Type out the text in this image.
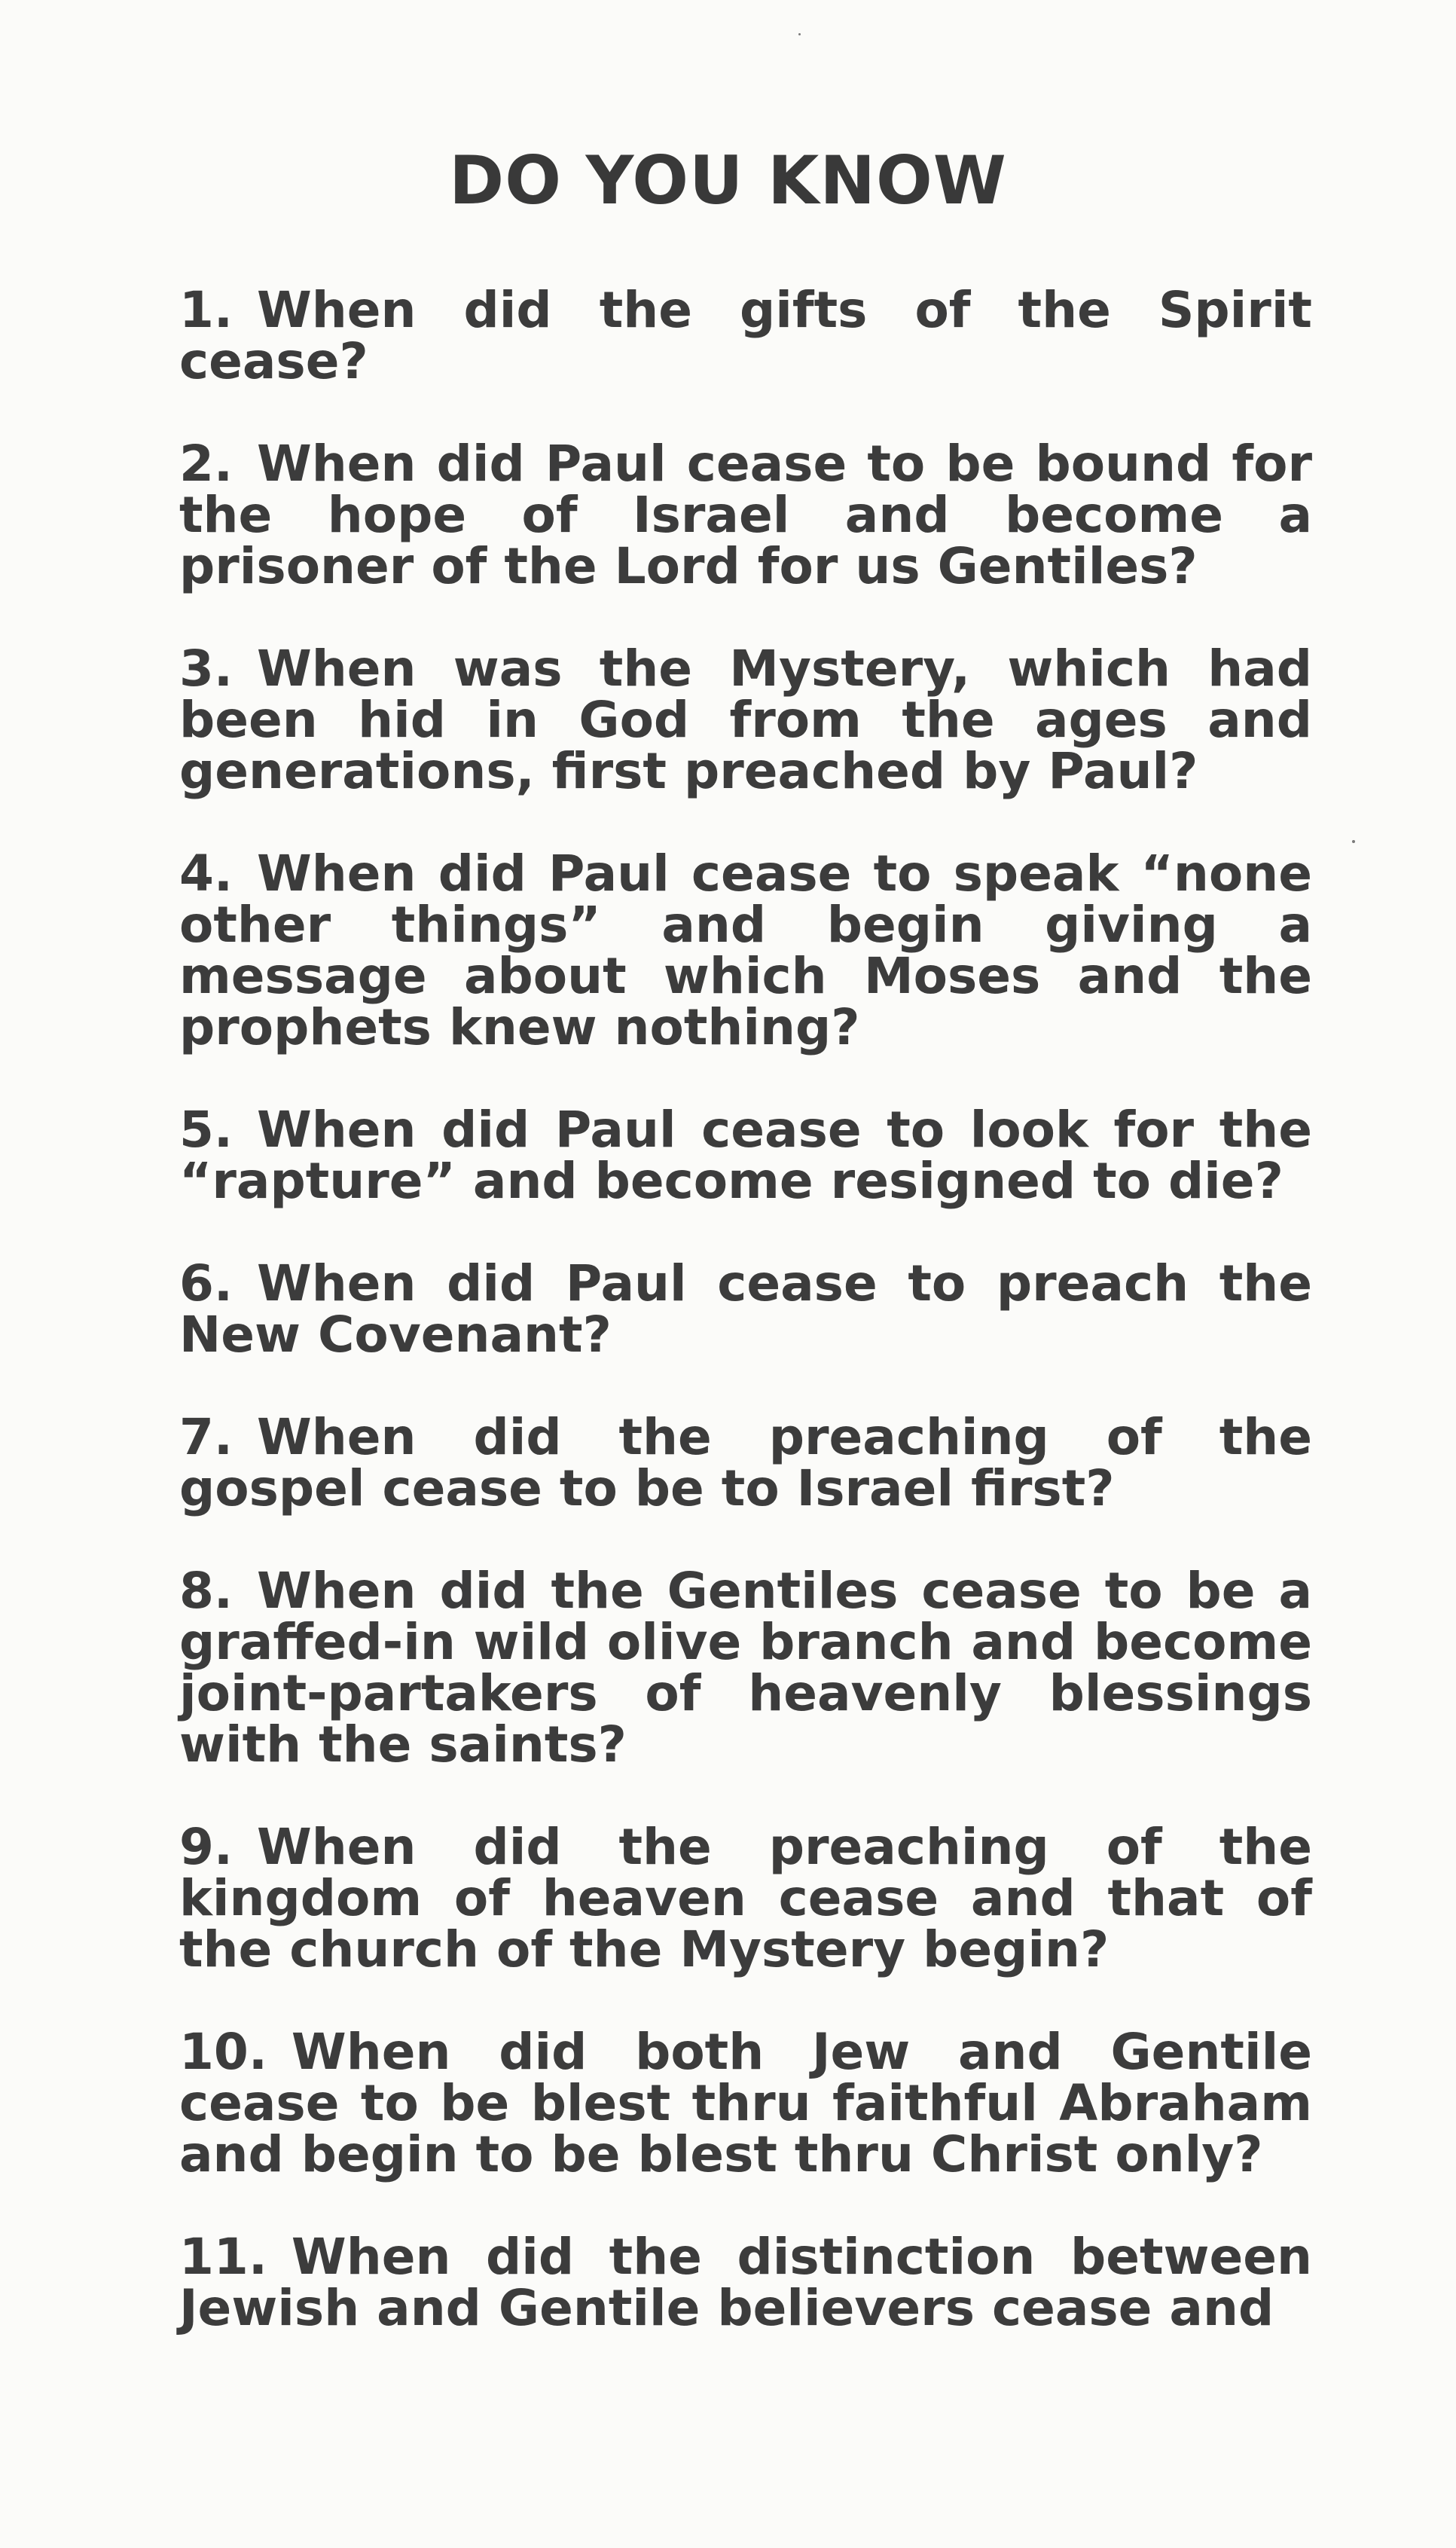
DO YOU KNOW
1. When did the gifts of the Spirit cease?
2. When did Paul cease to be bound for the hope of Israel and become a prisoner of the Lord for us Gentiles?
3. When was the Mystery, which had been hid in God from the ages and generations, first preached by Paul?
4. When did Paul cease to speak “none other things” and begin giving a message about which Moses and the prophets knew nothing?
5. When did Paul cease to look for the “rapture” and become resigned to die?
6. When did Paul cease to preach the New Covenant?
7. When did the preaching of the gospel cease to be to Israel first?
8. When did the Gentiles cease to be a graffed-in wild olive branch and become joint-partakers of heavenly blessings with the saints?
9. When did the preaching of the kingdom of heaven cease and that of the church of the Mystery begin?
10. When did both Jew and Gentile cease to be blest thru faithful Abraham and begin to be blest thru Christ only?
11. When did the distinction between Jewish and Gentile believers cease and
